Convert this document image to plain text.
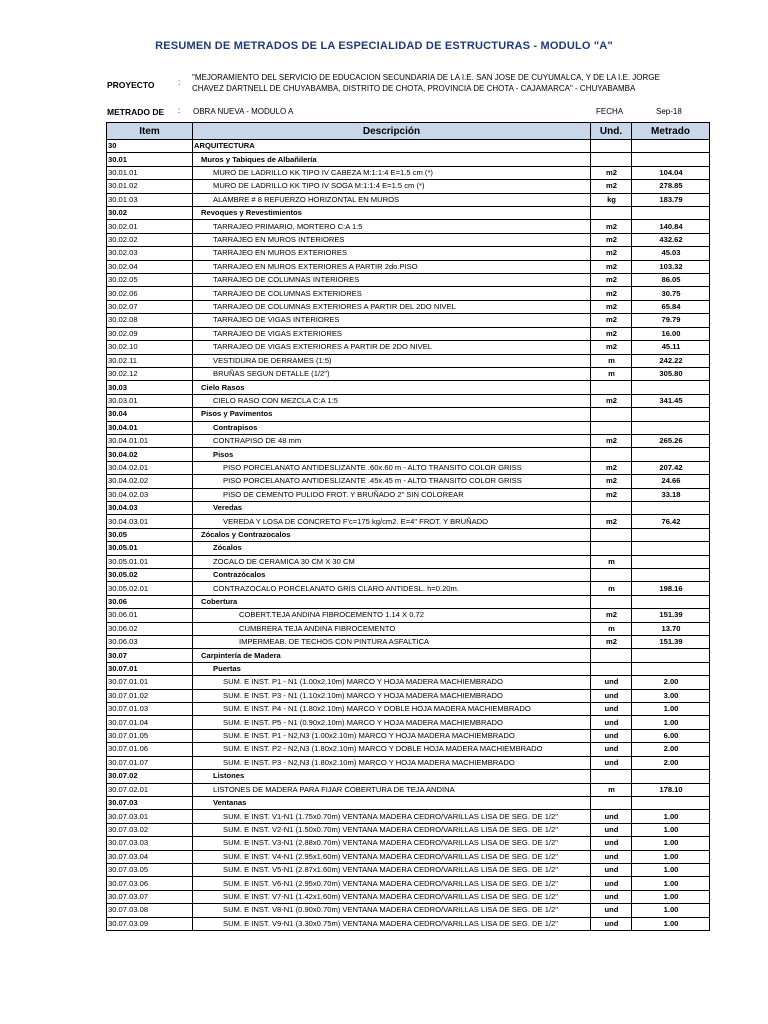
RESUMEN DE METRADOS DE LA ESPECIALIDAD DE ESTRUCTURAS - MODULO "A"
PROYECTO	:
"MEJORAMIENTO DEL SERVICIO DE EDUCACION SECUNDARIA DE LA I.E. SAN JOSE DE CUYUMALCA, Y DE LA I.E. JORGE
CHAVEZ DARTNELL DE CHUYABAMBA, DISTRITO DE CHOTA, PROVINCIA DE CHOTA - CAJAMARCA" - CHUYABAMBA
METRADO DE : OBRA NUEVA - MODULO A	FECHA	Sep-18
Item	Descripción	Und.	Metrado
30	ARQUITECTURA		
30.01	Muros y Tabiques de Albañilería		
30.01.01	MURO DE LADRILLO KK TIPO IV CABEZA M:1:1:4 E=1.5 cm (*)	m2	104.04
30.01.02	MURO DE LADRILLO KK TIPO IV SOGA M:1:1:4 E=1.5 cm (*)	m2	278.85
30.01.03	ALAMBRE # 8 REFUERZO HORIZONTAL EN MUROS	kg	183.79
30.02	Revoques y Revestimientos		
30.02.01	TARRAJEO PRIMARIO, MORTERO C:A 1:5	m2	140.84
30.02.02	TARRAJEO EN MUROS INTERIORES	m2	432.62
30.02.03	TARRAJEO EN MUROS EXTERIORES	m2	45.03
30.02.04	TARRAJEO EN MUROS EXTERIORES A PARTIR 2do.PISO	m2	103.32
30.02.05	TARRAJEO DE COLUMNAS INTERIORES	m2	86.05
30.02.06	TARRAJEO DE COLUMNAS EXTERIORES	m2	30.75
30.02.07	TARRAJEO DE COLUMNAS EXTERIORES A PARTIR DEL 2DO NIVEL	m2	65.84
30.02.08	TARRAJEO DE VIGAS INTERIORES	m2	79.79
30.02.09	TARRAJEO DE VIGAS EXTERIORES	m2	16.00
30.02.10	TARRAJEO DE VIGAS EXTERIORES A PARTIR DE 2DO NIVEL	m2	45.11
30.02.11	VESTIDURA DE DERRAMES (1:5)	m	242.22
30.02.12	BRUÑAS SEGUN DETALLE (1/2")	m	305.80
30.03	Cielo Rasos		
30.03.01	CIELO RASO CON MEZCLA C:A 1:5	m2	341.45
30.04	Pisos y Pavimentos		
30.04.01	Contrapisos		
30.04.01.01	CONTRAPISO DE 48 mm	m2	265.26
30.04.02	Pisos		
30.04.02.01	PISO PORCELANATO ANTIDESLIZANTE .60x.60 m - ALTO TRANSITO COLOR GRISS	m2	207.42
30.04.02.02	PISO PORCELANATO ANTIDESLIZANTE .45x.45 m - ALTO TRANSITO COLOR GRISS	m2	24.66
30.04.02.03	PISO DE CEMENTO PULIDO FROT. Y BRUÑADO 2" SIN COLOREAR	m2	33.18
30.04.03	Veredas		
30.04.03.01	VEREDA Y LOSA DE CONCRETO F'c=175 kg/cm2. E=4" FROT. Y BRUÑADO	m2	76.42
30.05	Zócalos y Contrazocalos		
30.05.01	Zócalos		
30.05.01.01	ZOCALO DE CERAMICA 30 CM X 30 CM	m	
30.05.02	Contrazócalos		
30.05.02.01	CONTRAZOCALO PORCELANATO GRIS CLARO ANTIDESL. h=0.20m.	m	198.16
30.06	Cobertura		
30.06.01	COBERT.TEJA ANDINA FIBROCEMENTO 1.14 X 0.72	m2	151.39
30.06.02	CUMBRERA TEJA ANDINA FIBROCEMENTO	m	13.70
30.06.03	IMPERMEAB. DE TECHOS CON PINTURA ASFALTICA	m2	151.39
30.07	Carpintería de Madera		
30.07.01	Puertas		
30.07.01.01	SUM. E INST. P1 - N1 (1.00x2.10m) MARCO Y HOJA MADERA MACHIEMBRADO	und	2.00
30.07.01.02	SUM. E INST. P3 - N1 (1.10x2.10m) MARCO Y HOJA MADERA MACHIEMBRADO	und	3.00
30.07.01.03	SUM. E INST. P4 - N1 (1.80x2.10m) MARCO Y DOBLE HOJA MADERA MACHIEMBRADO	und	1.00
30.07.01.04	SUM. E INST. P5 - N1 (0.90x2.10m) MARCO Y HOJA MADERA MACHIEMBRADO	und	1.00
30.07.01.05	SUM. E INST. P1 - N2,N3 (1.00x2.10m) MARCO Y HOJA MADERA MACHIEMBRADO	und	6.00
30.07.01.06	SUM. E INST. P2 - N2,N3 (1.80x2.10m) MARCO Y DOBLE HOJA MADERA MACHIEMBRADO	und	2.00
30.07.01.07	SUM. E INST. P3 - N2,N3 (1.80x2.10m) MARCO Y HOJA MADERA MACHIEMBRADO	und	2.00
30.07.02	Listones		
30.07.02.01	LISTONES DE MADERA PARA FIJAR COBERTURA DE TEJA ANDINA	m	178.10
30.07.03	Ventanas		
30.07.03.01	SUM. E INST. V1-N1 (1.75x0.70m) VENTANA MADERA CEDRO/VARILLAS LISA DE SEG. DE 1/2"	und	1.00
30.07.03.02	SUM. E INST. V2-N1 (1.50x0.70m) VENTANA MADERA CEDRO/VARILLAS LISA DE SEG. DE 1/2"	und	1.00
30.07.03.03	SUM. E INST. V3-N1 (2.88x0.70m) VENTANA MADERA CEDRO/VARILLAS LISA DE SEG. DE 1/2"	und	1.00
30.07.03.04	SUM. E INST. V4-N1 (2.95x1.60m) VENTANA MADERA CEDRO/VARILLAS LISA DE SEG. DE 1/2"	und	1.00
30.07.03.05	SUM. E INST. V5-N1 (2.87x1.60m) VENTANA MADERA CEDRO/VARILLAS LISA DE SEG. DE 1/2"	und	1.00
30.07.03.06	SUM. E INST. V6-N1 (2.95x0.70m) VENTANA MADERA CEDRO/VARILLAS LISA DE SEG. DE 1/2"	und	1.00
30.07.03.07	SUM. E INST. V7-N1 (1.42x1.60m) VENTANA MADERA CEDRO/VARILLAS LISA DE SEG. DE 1/2"	und	1.00
30.07.03.08	SUM. E INST. V8-N1 (0.90x0.70m) VENTANA MADERA CEDRO/VARILLAS LISA DE SEG. DE 1/2"	und	1.00
30.07.03.09	SUM. E INST. V9-N1 (3.30x0.75m) VENTANA MADERA CEDRO/VARILLAS LISA DE SEG. DE 1/2"	und	1.00
